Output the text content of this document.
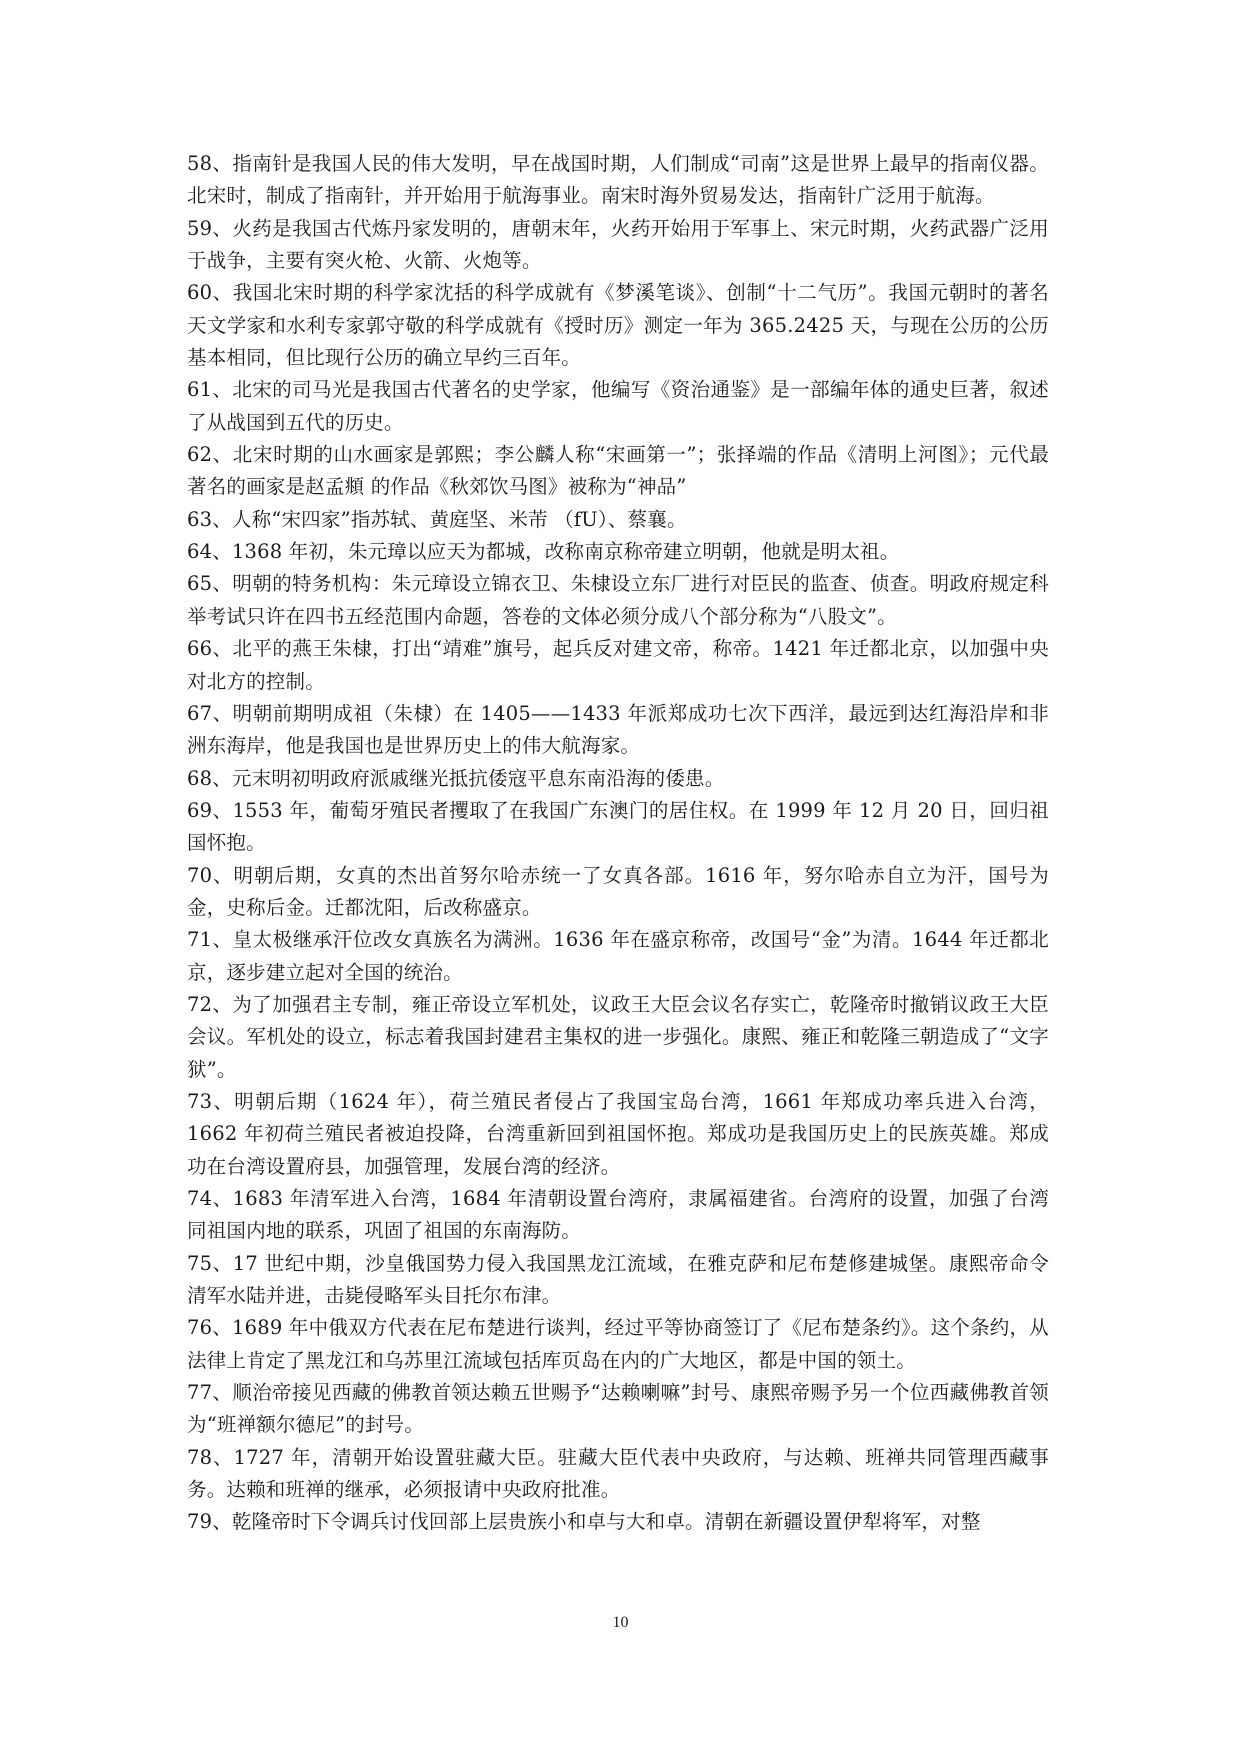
58、指南针是我国人民的伟大发明，早在战国时期，人们制成“司南”这是世界上最早的指南仪器。北宋时，制成了指南针，并开始用于航海事业。南宋时海外贸易发达，指南针广泛用于航海。

59、火药是我国古代炼丹家发明的，唐朝末年，火药开始用于军事上、宋元时期，火药武器广泛用于战争，主要有突火枪、火箭、火炮等。

60、我国北宋时期的科学家沈括的科学成就有《梦溪笔谈》、创制“十二气历”。我国元朝时的著名天文学家和水利专家郭守敬的科学成就有《授时历》测定一年为 365.2425 天，与现在公历的公历基本相同，但比现行公历的确立早约三百年。

61、北宋的司马光是我国古代著名的史学家，他编写《资治通鉴》是一部编年体的通史巨著，叙述了从战国到五代的历史。

62、北宋时期的山水画家是郭熙；李公麟人称“宋画第一”；张择端的作品《清明上河图》；元代最著名的画家是赵孟頫 的作品《秋郊饮马图》被称为“神品”

63、人称“宋四家”指苏轼、黄庭坚、米芾 （fU）、蔡襄。

64、1368 年初，朱元璋以应天为都城，改称南京称帝建立明朝，他就是明太祖。

65、明朝的特务机构：朱元璋设立锦衣卫、朱棣设立东厂进行对臣民的监查、侦查。明政府规定科举考试只许在四书五经范围内命题，答卷的文体必须分成八个部分称为“八股文”。

66、北平的燕王朱棣，打出“靖难”旗号，起兵反对建文帝，称帝。1421 年迁都北京，以加强中央对北方的控制。

67、明朝前期明成祖（朱棣）在 1405——1433 年派郑成功七次下西洋，最远到达红海沿岸和非洲东海岸，他是我国也是世界历史上的伟大航海家。

68、元末明初明政府派戚继光抵抗倭寇平息东南沿海的倭患。

69、1553 年，葡萄牙殖民者攫取了在我国广东澳门的居住权。在 1999 年 12 月 20 日，回归祖国怀抱。

70、明朝后期，女真的杰出首努尔哈赤统一了女真各部。1616 年，努尔哈赤自立为汗，国号为金，史称后金。迁都沈阳，后改称盛京。

71、皇太极继承汗位改女真族名为满洲。1636 年在盛京称帝，改国号“金”为清。1644 年迁都北京，逐步建立起对全国的统治。

72、为了加强君主专制，雍正帝设立军机处，议政王大臣会议名存实亡，乾隆帝时撤销议政王大臣会议。军机处的设立，标志着我国封建君主集权的进一步强化。康熙、雍正和乾隆三朝造成了“文字狱”。

73、明朝后期（1624 年），荷兰殖民者侵占了我国宝岛台湾，1661 年郑成功率兵进入台湾，1662 年初荷兰殖民者被迫投降，台湾重新回到祖国怀抱。郑成功是我国历史上的民族英雄。郑成功在台湾设置府县，加强管理，发展台湾的经济。

74、1683 年清军进入台湾，1684 年清朝设置台湾府，隶属福建省。台湾府的设置，加强了台湾同祖国内地的联系，巩固了祖国的东南海防。

75、17 世纪中期，沙皇俄国势力侵入我国黑龙江流域，在雅克萨和尼布楚修建城堡。康熙帝命令清军水陆并进，击毙侵略军头目托尔布津。

76、1689 年中俄双方代表在尼布楚进行谈判，经过平等协商签订了《尼布楚条约》。这个条约，从法律上肯定了黑龙江和乌苏里江流域包括库页岛在内的广大地区，都是中国的领土。

77、顺治帝接见西藏的佛教首领达赖五世赐予“达赖喇嘛”封号、康熙帝赐予另一个位西藏佛教首领为“班禅额尔德尼”的封号。

78、1727 年，清朝开始设置驻藏大臣。驻藏大臣代表中央政府，与达赖、班禅共同管理西藏事务。达赖和班禅的继承，必须报请中央政府批准。

79、乾隆帝时下令调兵讨伐回部上层贵族小和卓与大和卓。清朝在新疆设置伊犁将军，对整

10
